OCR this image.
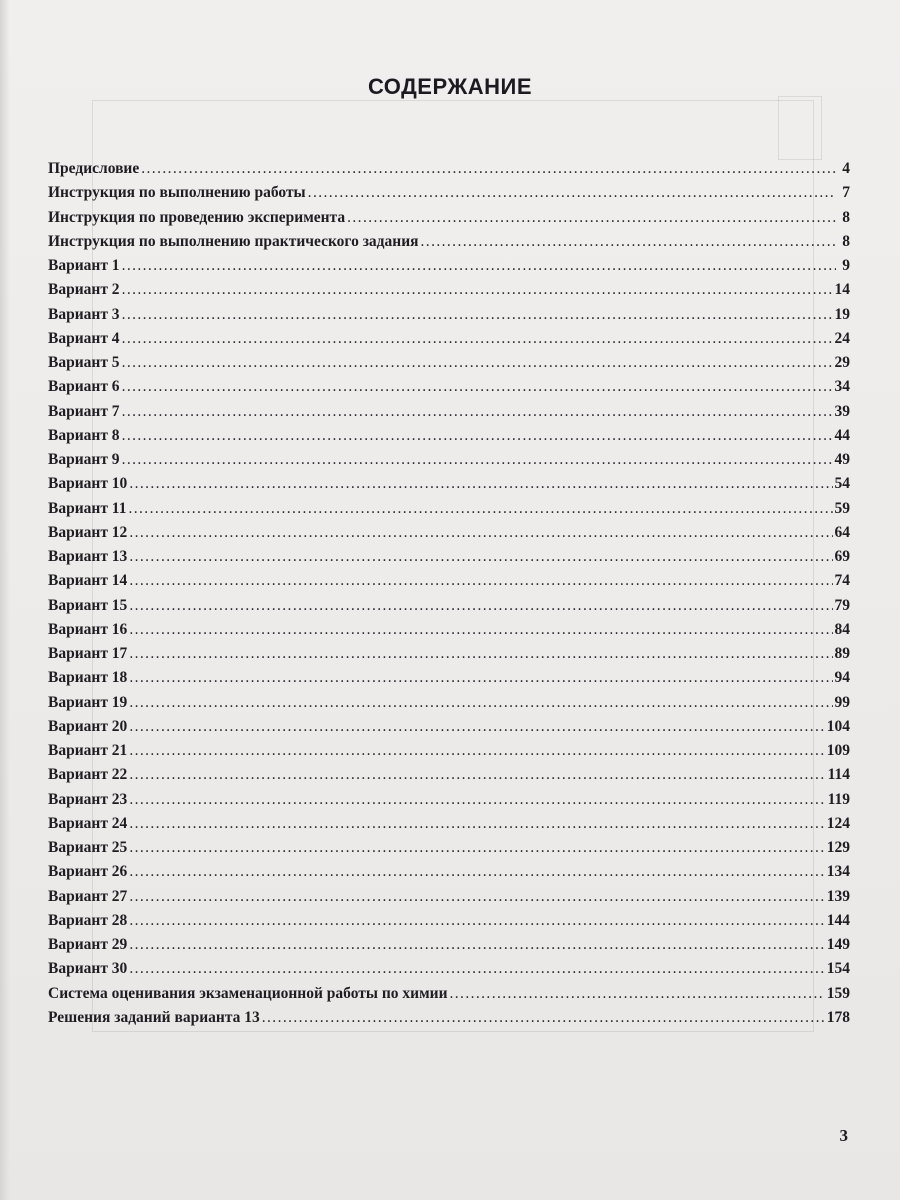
СОДЕРЖАНИЕ
Предисловие .....	4
Инструкция по выполнению работы .....	7
Инструкция по проведению эксперимента .....	8
Инструкция по выполнению практического задания .....	8
Вариант 1 .....	9
Вариант 2 .....	14
Вариант 3 .....	19
Вариант 4 .....	24
Вариант 5 .....	29
Вариант 6 .....	34
Вариант 7 .....	39
Вариант 8 .....	44
Вариант 9 .....	49
Вариант 10 .....	54
Вариант 11 .....	59
Вариант 12 .....	64
Вариант 13 .....	69
Вариант 14 .....	74
Вариант 15 .....	79
Вариант 16 .....	84
Вариант 17 .....	89
Вариант 18 .....	94
Вариант 19 .....	99
Вариант 20 .....	104
Вариант 21 .....	109
Вариант 22 .....	114
Вариант 23 .....	119
Вариант 24 .....	124
Вариант 25 .....	129
Вариант 26 .....	134
Вариант 27 .....	139
Вариант 28 .....	144
Вариант 29 .....	149
Вариант 30 .....	154
Система оценивания экзаменационной работы по химии .....	159
Решения заданий варианта 13 .....	178
3
